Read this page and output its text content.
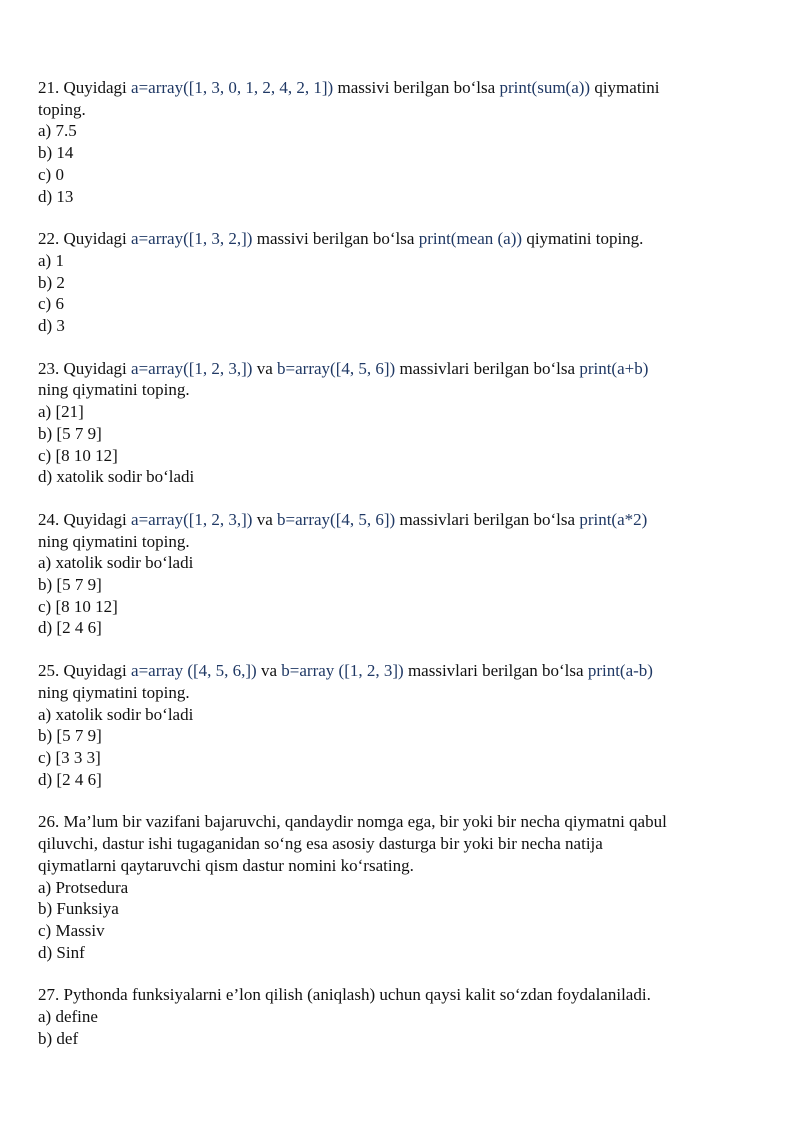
21. Quyidagi a=array([1, 3, 0, 1, 2, 4, 2, 1]) massivi berilgan bo‘lsa print(sum(a)) qiymatini
toping.
a) 7.5
b) 14
c) 0
d) 13
22. Quyidagi a=array([1, 3, 2,]) massivi berilgan bo‘lsa print(mean (a)) qiymatini toping.
a) 1
b) 2
c) 6
d) 3
23. Quyidagi a=array([1, 2, 3,]) va b=array([4, 5, 6]) massivlari berilgan bo‘lsa print(a+b)
ning qiymatini toping.
a) [21]
b) [5 7 9]
c) [8 10 12]
d) xatolik sodir bo‘ladi
24. Quyidagi a=array([1, 2, 3,]) va b=array([4, 5, 6]) massivlari berilgan bo‘lsa print(a*2)
ning qiymatini toping.
a) xatolik sodir bo‘ladi
b) [5 7 9]
c) [8 10 12]
d) [2 4 6]
25. Quyidagi a=array ([4, 5, 6,]) va b=array ([1, 2, 3]) massivlari berilgan bo‘lsa print(a-b)
ning qiymatini toping.
a) xatolik sodir bo‘ladi
b) [5 7 9]
c) [3 3 3]
d) [2 4 6]
26. Ma’lum bir vazifani bajaruvchi, qandaydir nomga ega, bir yoki bir necha qiymatni qabul
qiluvchi, dastur ishi tugaganidan so‘ng esa asosiy dasturga bir yoki bir necha natija
qiymatlarni qaytaruvchi qism dastur nomini ko‘rsating.
a) Protsedura
b) Funksiya
c) Massiv
d) Sinf
27. Pythonda funksiyalarni e’lon qilish (aniqlash) uchun qaysi kalit so‘zdan foydalaniladi.
a) define
b) def
